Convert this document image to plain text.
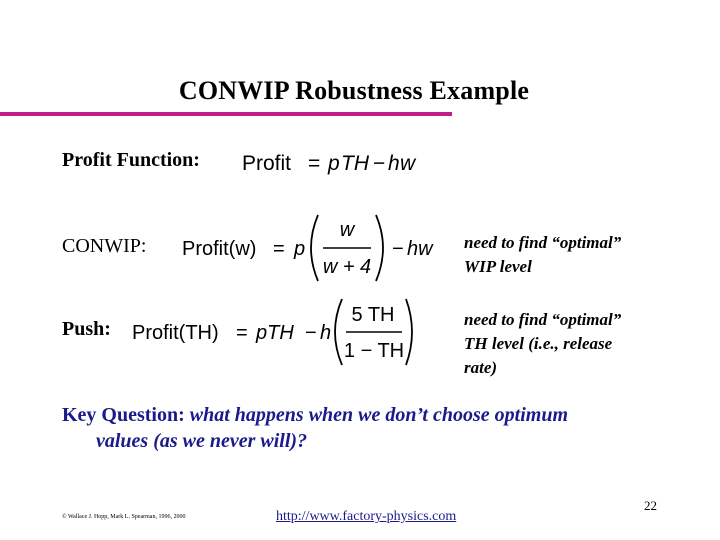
CONWIP Robustness Example
Profit Function: Profit = p TH − h w
CONWIP: Profit(w) = p
w
w + 4
− hw need to find “optimal”
WIP level
Push: Profit(TH) = pTH − h
5 TH
1 − TH
need to find “optimal”
TH level (i.e., release
rate)
Key Question: what happens when we don’t choose optimum
values (as we never will)?
© Wallace J. Hopp, Mark L. Spearman, 1996, 2000	http://www.factory-physics.com
22
